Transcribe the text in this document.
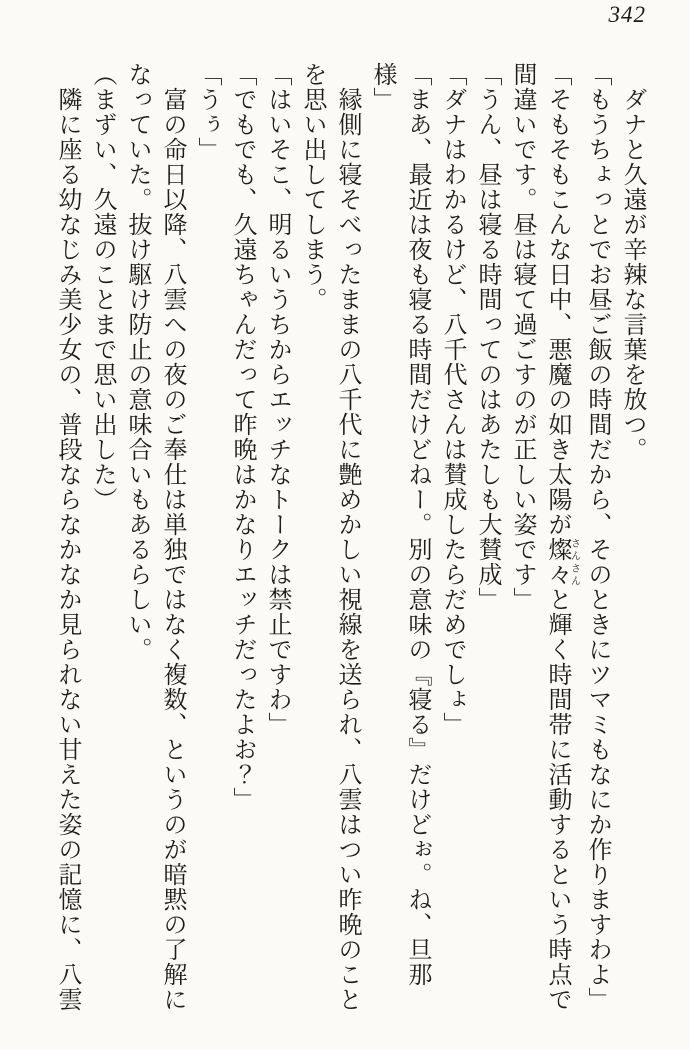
342
　ダナと久遠が辛辣な言葉を放つ。
「もうちょっとでお昼ご飯の時間だから、そのときにツマミもなにか作りますわよ」
「そもそもこんな日中、悪魔の如き太陽が燦々さんさんと輝く時間帯に活動するという時点で
間違いです。昼は寝て過ごすのが正しい姿です」
「うん、昼は寝る時間ってのはあたしも大賛成」
「ダナはわかるけど、八千代さんは賛成したらだめでしょ」
「まあ、最近は夜も寝る時間だけどねー。別の意味の『寝る』だけどぉ。ね、旦那
様」
　縁側に寝そべったままの八千代に艶めかしい視線を送られ、八雲はつい昨晩のこと
を思い出してしまう。
「はいそこ、明るいうちからエッチなトークは禁止ですわ」
「でもでも、久遠ちゃんだって昨晩はかなりエッチだったよお？」
「うぅ」
　富の命日以降、八雲への夜のご奉仕は単独ではなく複数、というのが暗黙の了解に
なっていた。抜け駆け防止の意味合いもあるらしい。
（まずい、久遠のことまで思い出した）
　隣に座る幼なじみ美少女の、普段ならなかなか見られない甘えた姿の記憶に、八雲
